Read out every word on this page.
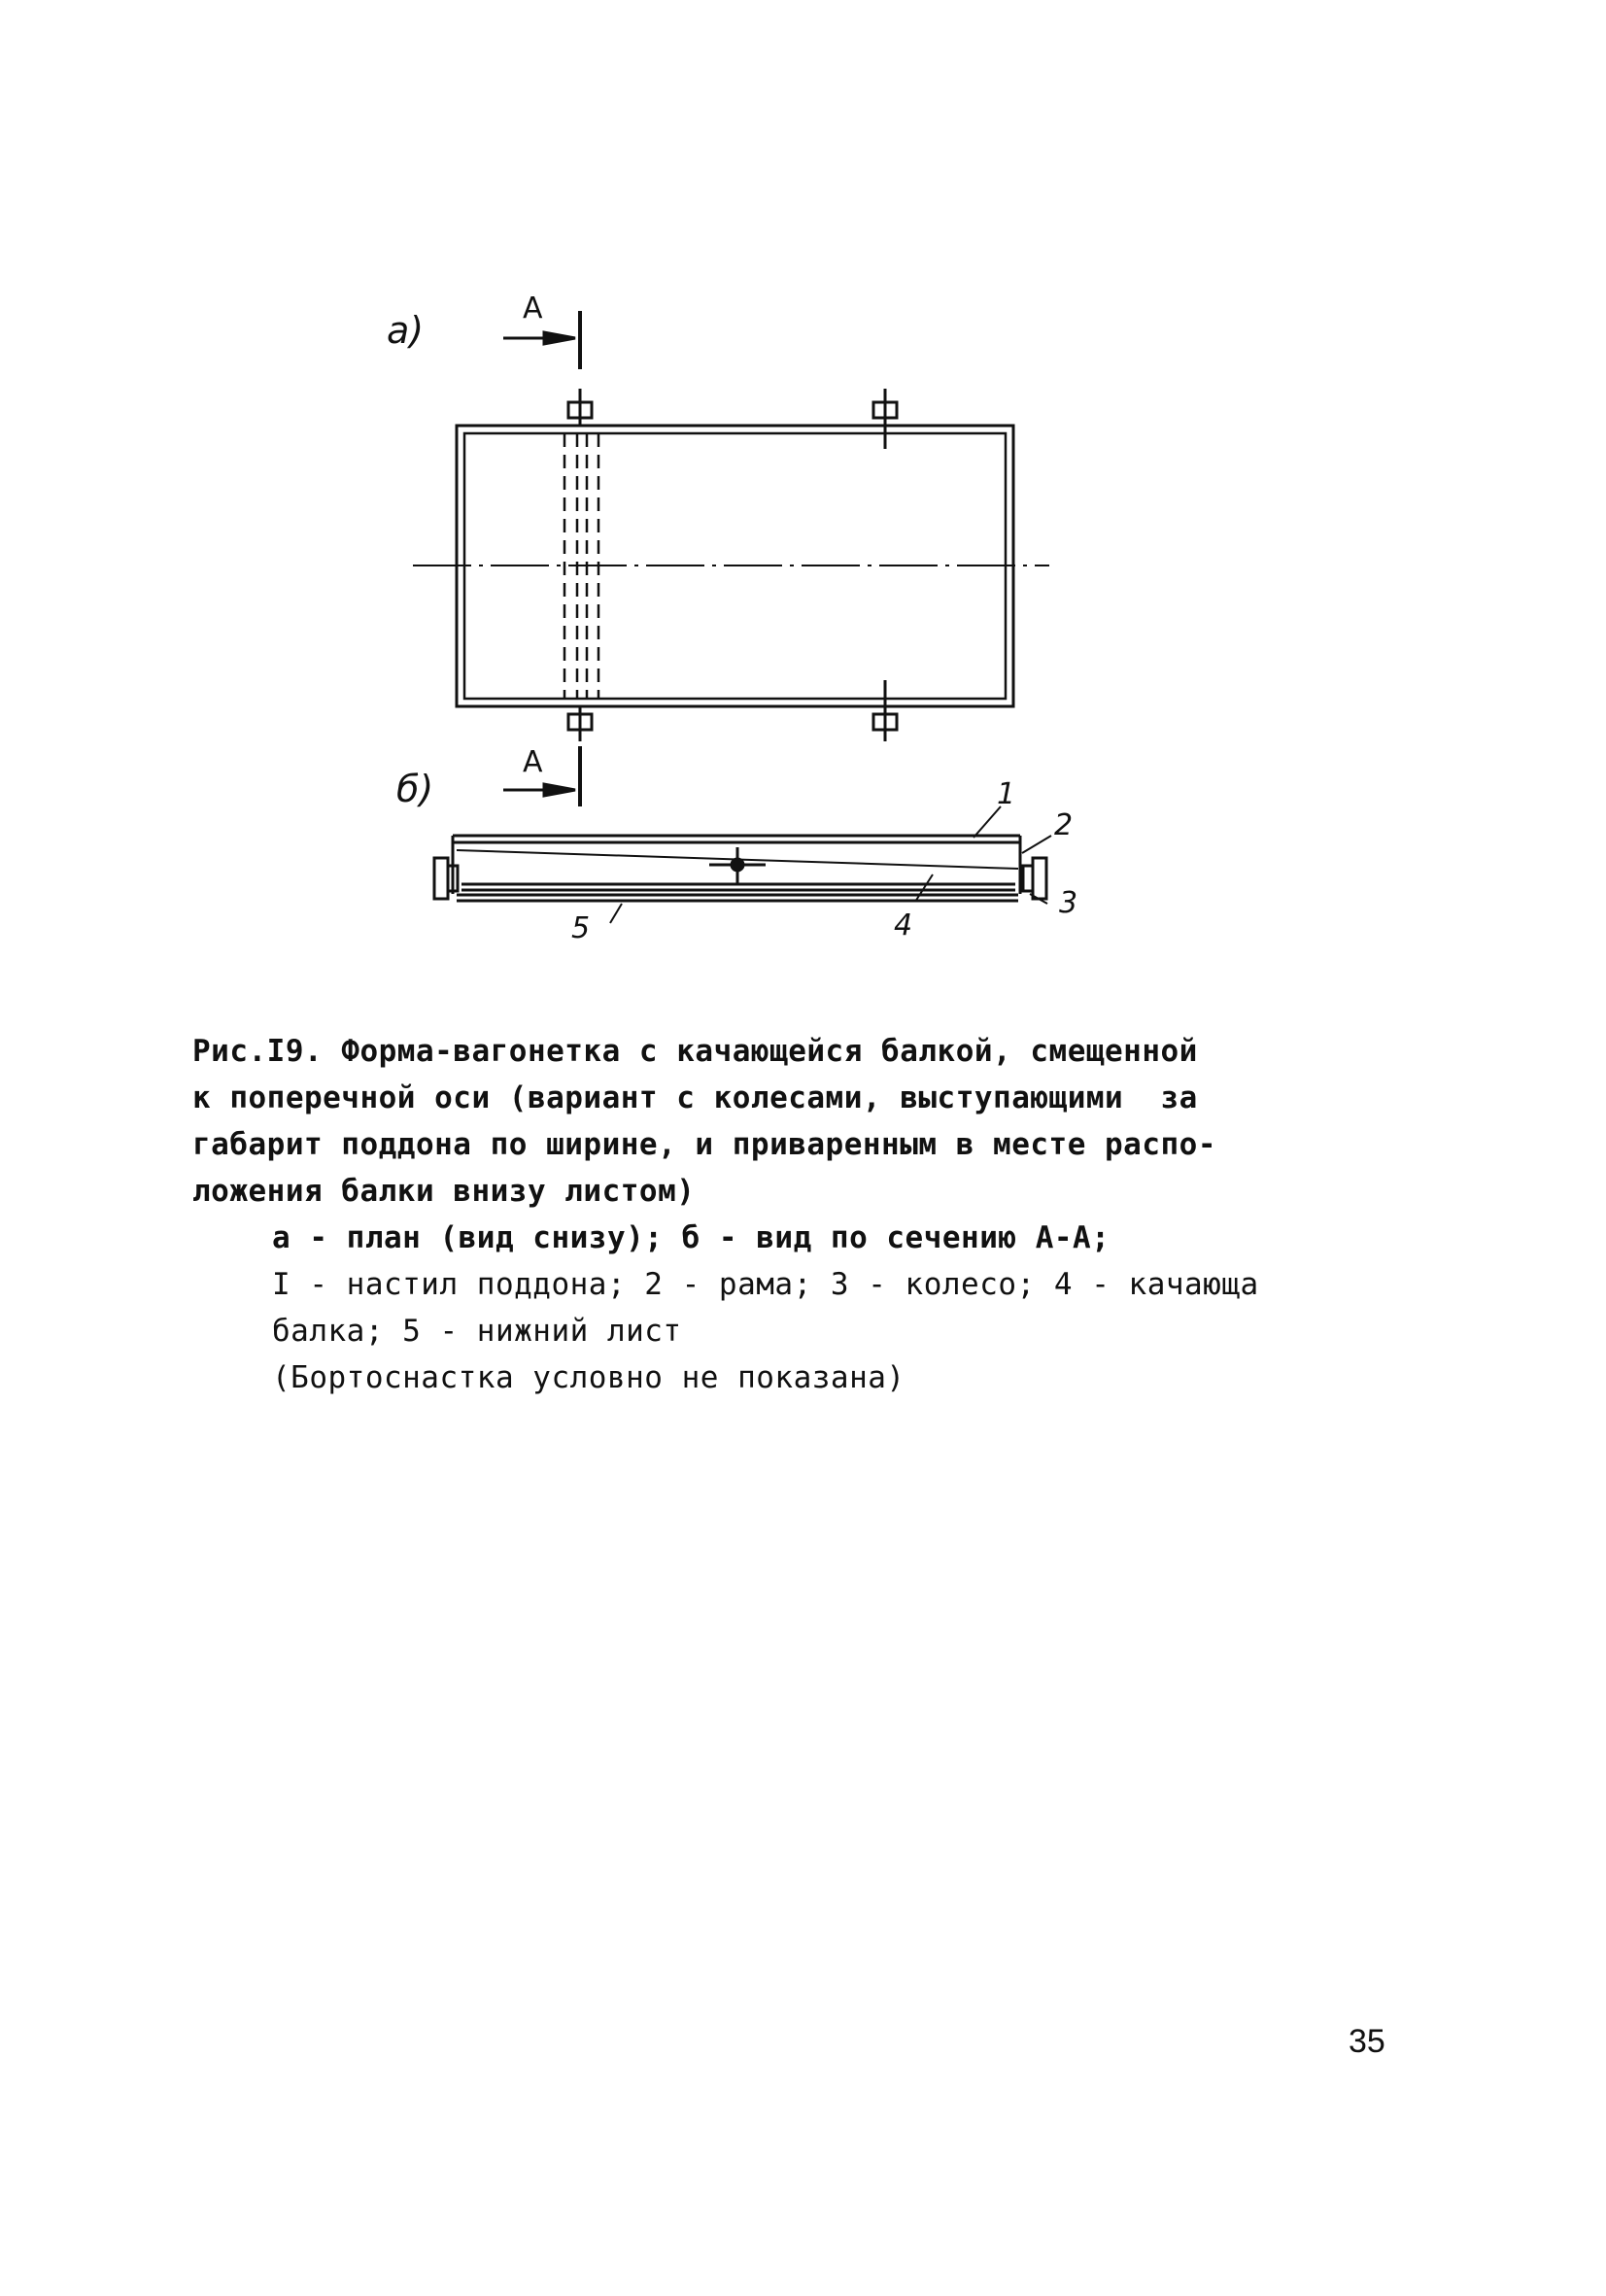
а)
б)
А
А
1
2
3
4
5
Рис.I9. Форма-вагонетка с качающейся балкой, смещенной
к поперечной оси (вариант с колесами, выступающими  за
габарит поддона по ширине, и приваренным в месте распо-
ложения балки внизу листом)
а - план (вид снизу); б - вид по сечению А-А;
I - настил поддона; 2 - рама; 3 - колесо; 4 - качающа
балка; 5 - нижний лист
(Бортоснастка условно не показана)
35
